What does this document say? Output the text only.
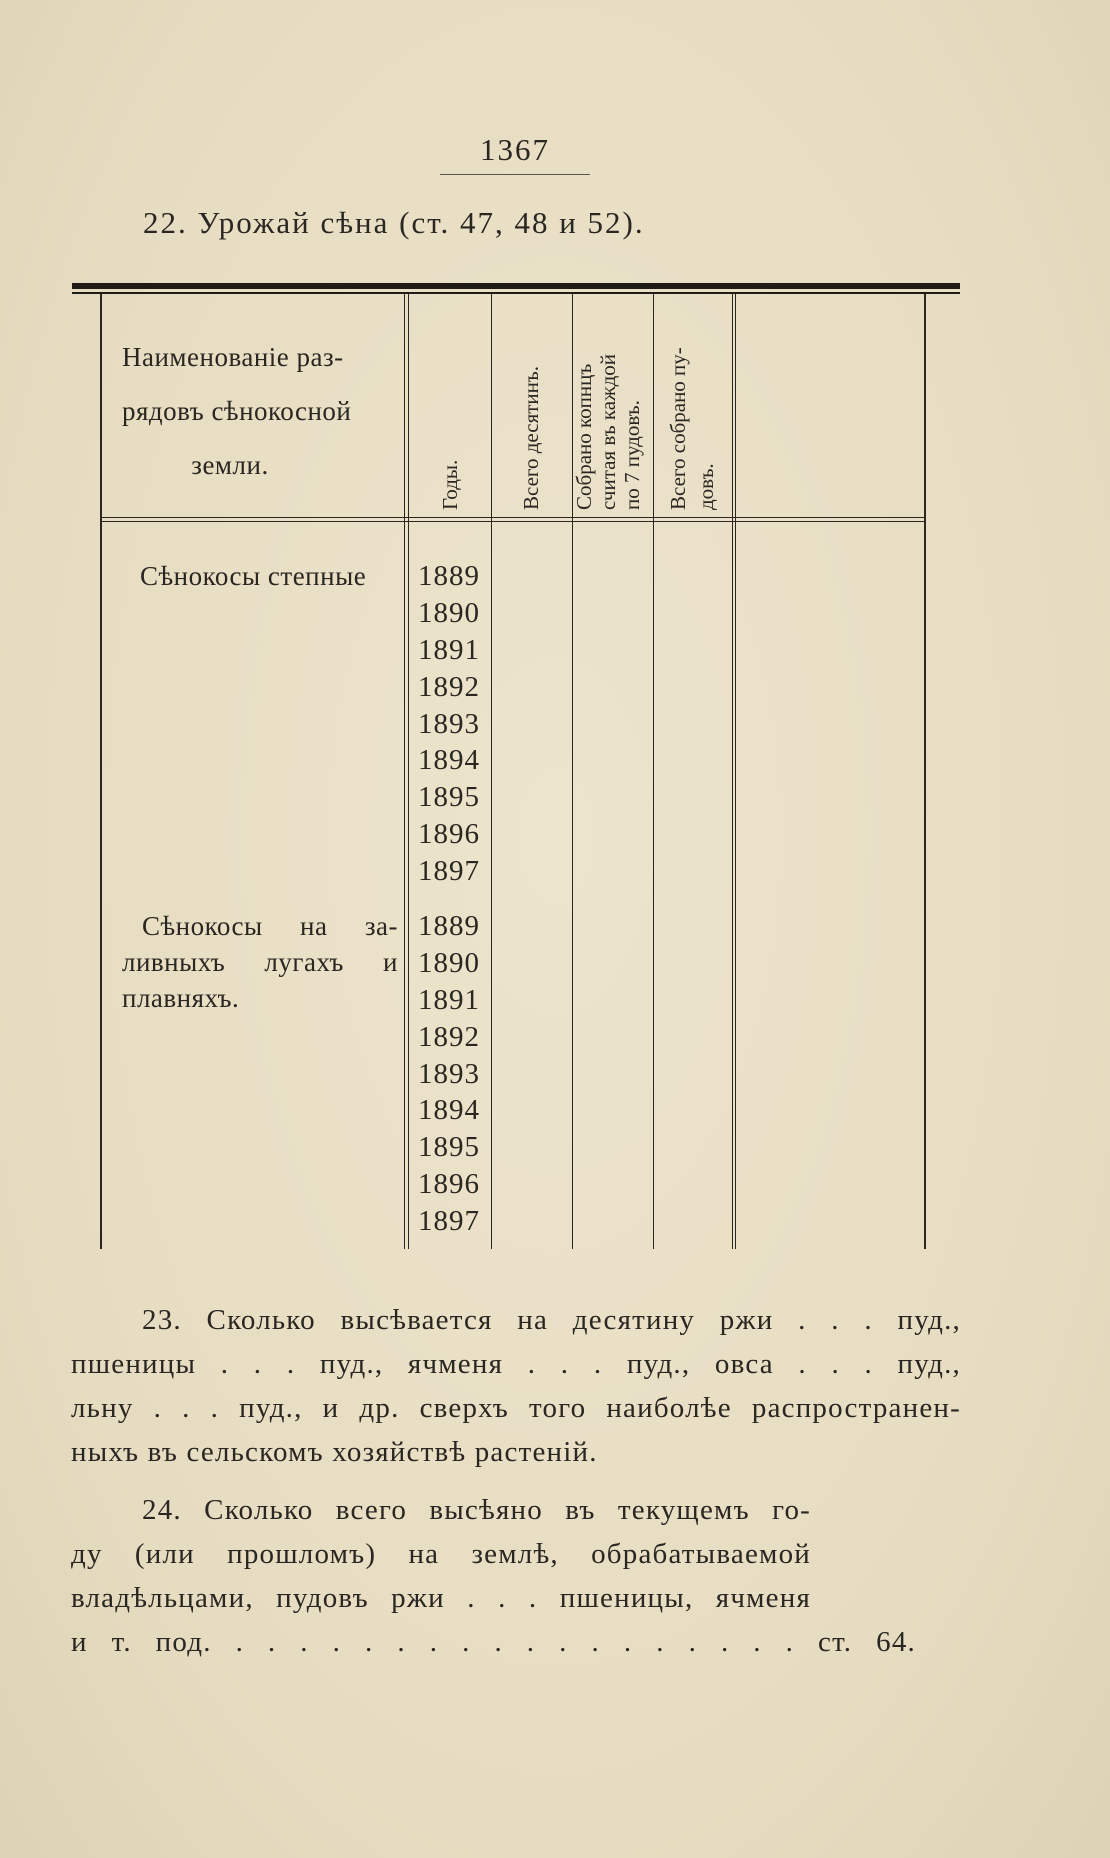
1367
22. Урожай сѣна (ст. 47, 48 и 52).
Наименованіе раз-
рядовъ сѣнокосной
земли.	Годы.	Всего десятинъ. Собрано копнцъ считая въ каждой по 7 пудовъ. Всего собрано пу- довъ.
Сѣнокосы степные 1889
1890
1891
1892
1893
1894
1895
1896
1897
Сѣнокосы на за-
ливныхъ лугахъ и
плавняхъ.
1889
1890
1891
1892
1893
1894
1895
1896
1897
23. Сколько высѣвается на десятину ржи . . . пуд.,
пшеницы . . . пуд., ячменя . . . пуд., овса . . . пуд.,
льну . . . пуд., и др. сверхъ того наиболѣе распространен-
ныхъ въ сельскомъ хозяйствѣ растеній.
24. Сколько всего высѣяно въ текущемъ го-
ду (или прошломъ) на землѣ, обрабатываемой
владѣльцами, пудовъ ржи . . . пшеницы, ячменя
и т. под. . . . . . . . . . . . . . . . . . . ст. 64.
